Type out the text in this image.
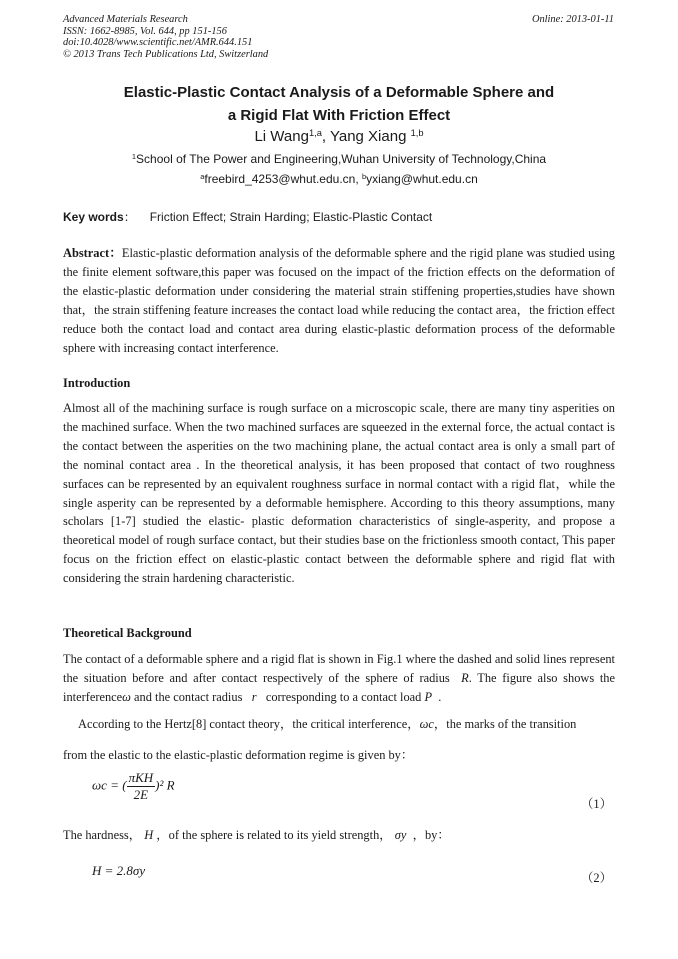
Advanced Materials Research
ISSN: 1662-8985, Vol. 644, pp 151-156
doi:10.4028/www.scientific.net/AMR.644.151
© 2013 Trans Tech Publications Ltd, Switzerland
Online: 2013-01-11
Elastic-Plastic Contact Analysis of a Deformable Sphere and
a Rigid Flat With Friction Effect
Li Wang$^{1,a}$, Yang Xiang $^{1,b}$
$^1$School of The Power and Engineering,Wuhan University of Technology,China
$^a$freebird_4253@whut.edu.cn, $^b$yxiang@whut.edu.cn
Key words： Friction Effect; Strain Harding; Elastic-Plastic Contact
Abstract：Elastic-plastic deformation analysis of the deformable sphere and the rigid plane was studied using the finite element software,this paper was focused on the impact of the friction effects on the deformation of the elastic-plastic deformation under considering the material strain stiffening properties,studies have shown that，the strain stiffening feature increases the contact load while reducing the contact area，the friction effect reduce both the contact load and contact area during elastic-plastic deformation process of the deformable sphere with increasing contact interference.
Introduction
Almost all of the machining surface is rough surface on a microscopic scale, there are many tiny asperities on the machined surface. When the two machined surfaces are squeezed in the external force, the actual contact is the contact between the asperities on the two machining plane, the actual contact area is only a small part of the nominal contact area . In the theoretical analysis, it has been proposed that contact of two roughness surfaces can be represented by an equivalent roughness surface in normal contact with a rigid flat，while the single asperity can be represented by a deformable hemisphere. According to this theory assumptions, many scholars [1-7] studied the elastic- plastic deformation characteristics of single-asperity, and propose a theoretical model of rough surface contact, but their studies base on the frictionless smooth contact, This paper focus on the friction effect on elastic-plastic contact between the deformable sphere and rigid flat with considering the strain hardening characteristic.
Theoretical Background
The contact of a deformable sphere and a rigid flat is shown in Fig.1 where the dashed and solid lines represent the situation before and after contact respectively of the sphere of radius R. The figure also shows the interferenceω and the contact radius r corresponding to a contact load P .
According to the Hertz[8] contact theory，the critical interference，ωc，the marks of the transition
from the elastic to the elastic-plastic deformation regime is given by：
ωc = ( $\frac{\text{πKH}}{2E} )^2$ R
（1）
The hardness， H ，of the sphere is related to its yield strength， σy ，by：
H = 2.8σy	（2）
